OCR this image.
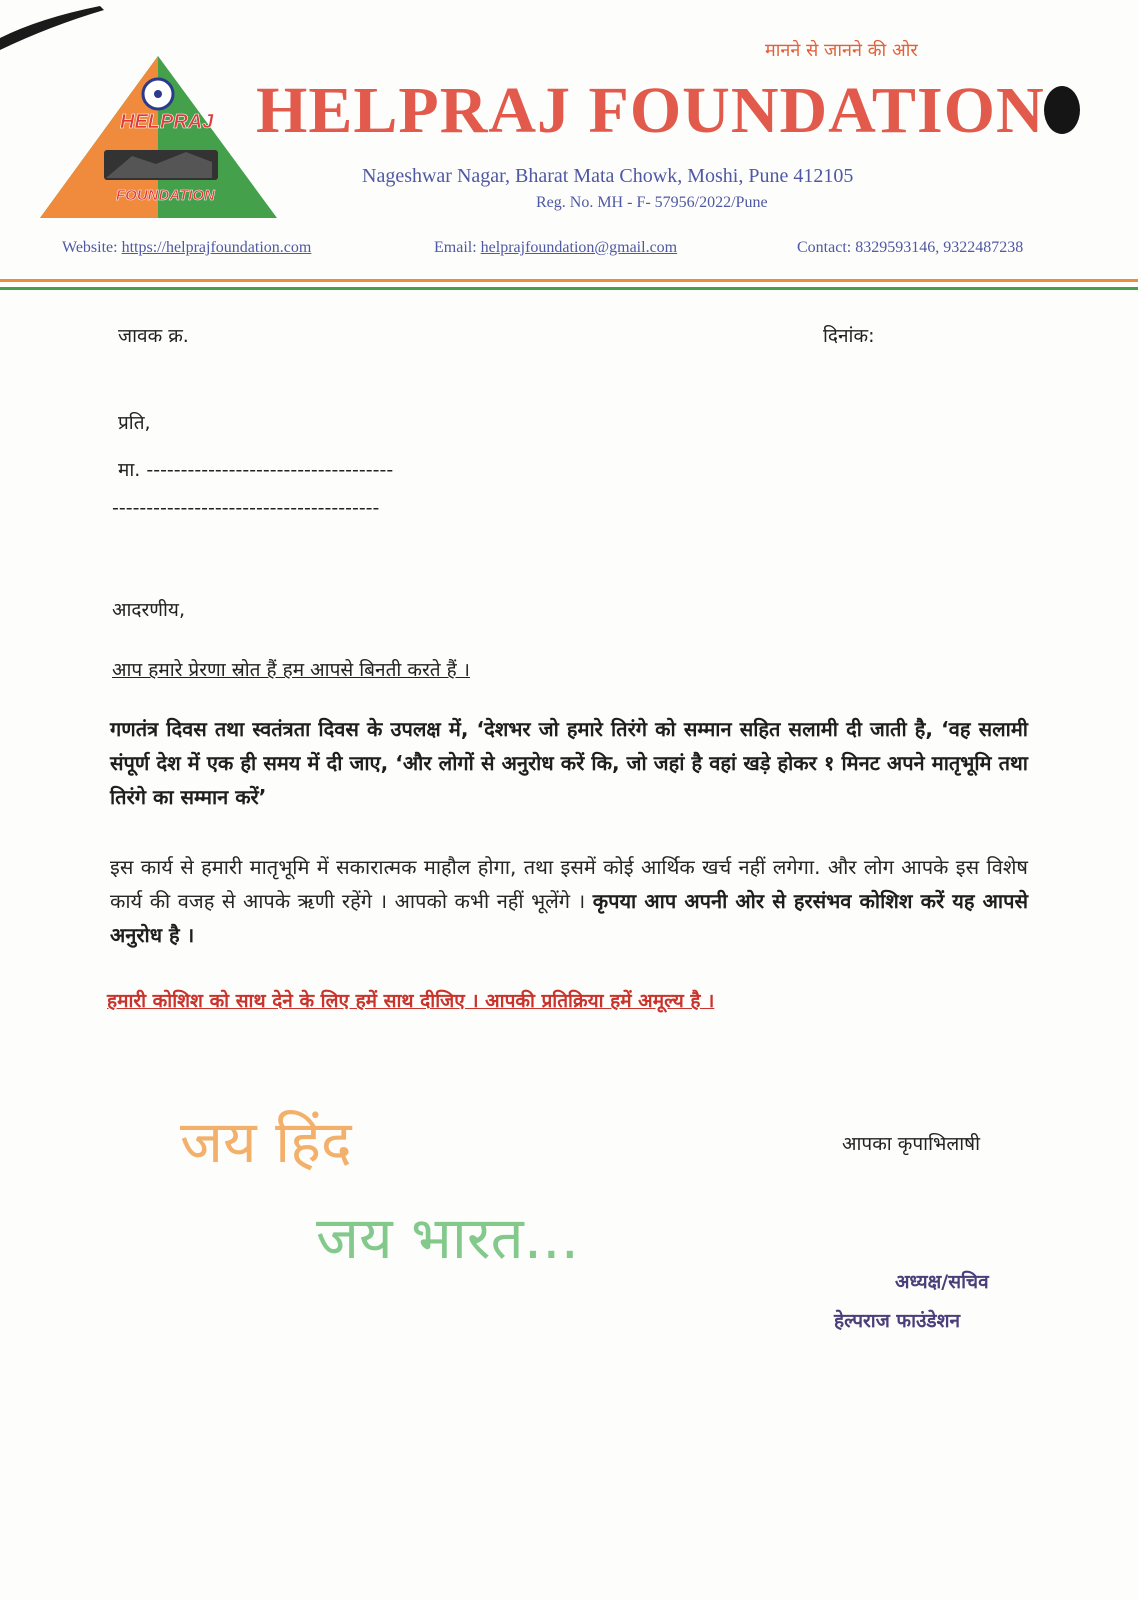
HELPRAJ
FOUNDATION
मानने से जानने की ओर
HELPRAJ FOUNDATION
Nageshwar Nagar, Bharat Mata Chowk, Moshi, Pune 412105
Reg. No. MH - F- 57956/2022/Pune
Website: https://helprajfoundation.com	Email: helprajfoundation@gmail.com	Contact: 8329593146, 9322487238
जावक क्र.	दिनांक:
प्रति,
मा. ------------------------------------
---------------------------------------
आदरणीय,
आप हमारे प्रेरणा स्रोत हैं हम आपसे बिनती करते हैं ।

गणतंत्र दिवस तथा स्वतंत्रता दिवस के उपलक्ष में, ‘देशभर जो हमारे तिरंगे को सम्मान सहित सलामी दी जाती है, ‘वह सलामी संपूर्ण देश में एक ही समय में दी जाए, ‘और लोगों से अनुरोध करें कि, जो जहां है वहां खड़े होकर १ मिनट अपने मातृभूमि तथा तिरंगे का सम्मान करें’

इस कार्य से हमारी मातृभूमि में सकारात्मक माहौल होगा, तथा इसमें कोई आर्थिक खर्च नहीं लगेगा. और लोग आपके इस विशेष कार्य की वजह से आपके ऋणी रहेंगे । आपको कभी नहीं भूलेंगे । कृपया आप अपनी ओर से हरसंभव कोशिश करें यह आपसे अनुरोध है ।

हमारी कोशिश को साथ देने के लिए हमें साथ दीजिए । आपकी प्रतिक्रिया हमें अमूल्य है ।
जय हिंद
जय भारत...
आपका कृपाभिलाषी
अध्यक्ष/सचिव
हेल्पराज फाउंडेशन
